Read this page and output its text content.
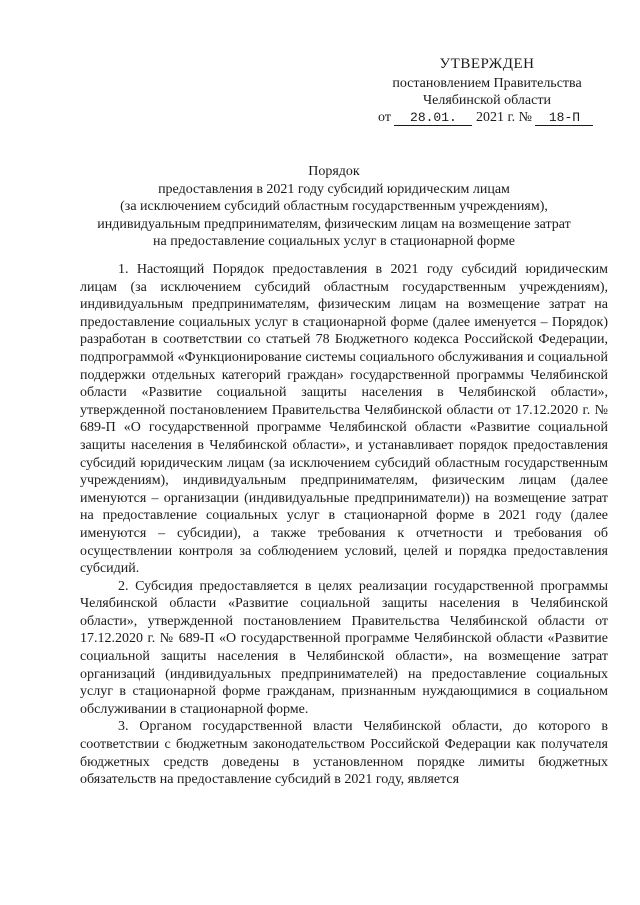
УТВЕРЖДЕН
постановлением Правительства
Челябинской области
от 28.01. 2021 г. № 18-П
Порядок
предоставления в 2021 году субсидий юридическим лицам
(за исключением субсидий областным государственным учреждениям),
индивидуальным предпринимателям, физическим лицам на возмещение затрат
на предоставление социальных услуг в стационарной форме

1. Настоящий Порядок предоставления в 2021 году субсидий юридическим лицам (за исключением субсидий областным государственным учреждениям), индивидуальным предпринимателям, физическим лицам на возмещение затрат на предоставление социальных услуг в стационарной форме (далее именуется – Порядок) разработан в соответствии со статьей 78 Бюджетного кодекса Российской Федерации, подпрограммой «Функционирование системы социального обслуживания и социальной поддержки отдельных категорий граждан» государственной программы Челябинской области «Развитие социальной защиты населения в Челябинской области», утвержденной постановлением Правительства Челябинской области от 17.12.2020 г. № 689-П «О государственной программе Челябинской области «Развитие социальной защиты населения в Челябинской области», и устанавливает порядок предоставления субсидий юридическим лицам (за исключением субсидий областным государственным учреждениям), индивидуальным предпринимателям, физическим лицам (далее именуются – организации (индивидуальные предприниматели)) на возмещение затрат на предоставление социальных услуг в стационарной форме в 2021 году (далее именуются – субсидии), а также требования к отчетности и требования об осуществлении контроля за соблюдением условий, целей и порядка предоставления субсидий.

2. Субсидия предоставляется в целях реализации государственной программы Челябинской области «Развитие социальной защиты населения в Челябинской области», утвержденной постановлением Правительства Челябинской области от 17.12.2020 г. № 689-П «О государственной программе Челябинской области «Развитие социальной защиты населения в Челябинской области», на возмещение затрат организаций (индивидуальных предпринимателей) на предоставление социальных услуг в стационарной форме гражданам, признанным нуждающимися в социальном обслуживании в стационарной форме.

3. Органом государственной власти Челябинской области, до которого в соответствии с бюджетным законодательством Российской Федерации как получателя бюджетных средств доведены в установленном порядке лимиты бюджетных обязательств на предоставление субсидий в 2021 году, является
